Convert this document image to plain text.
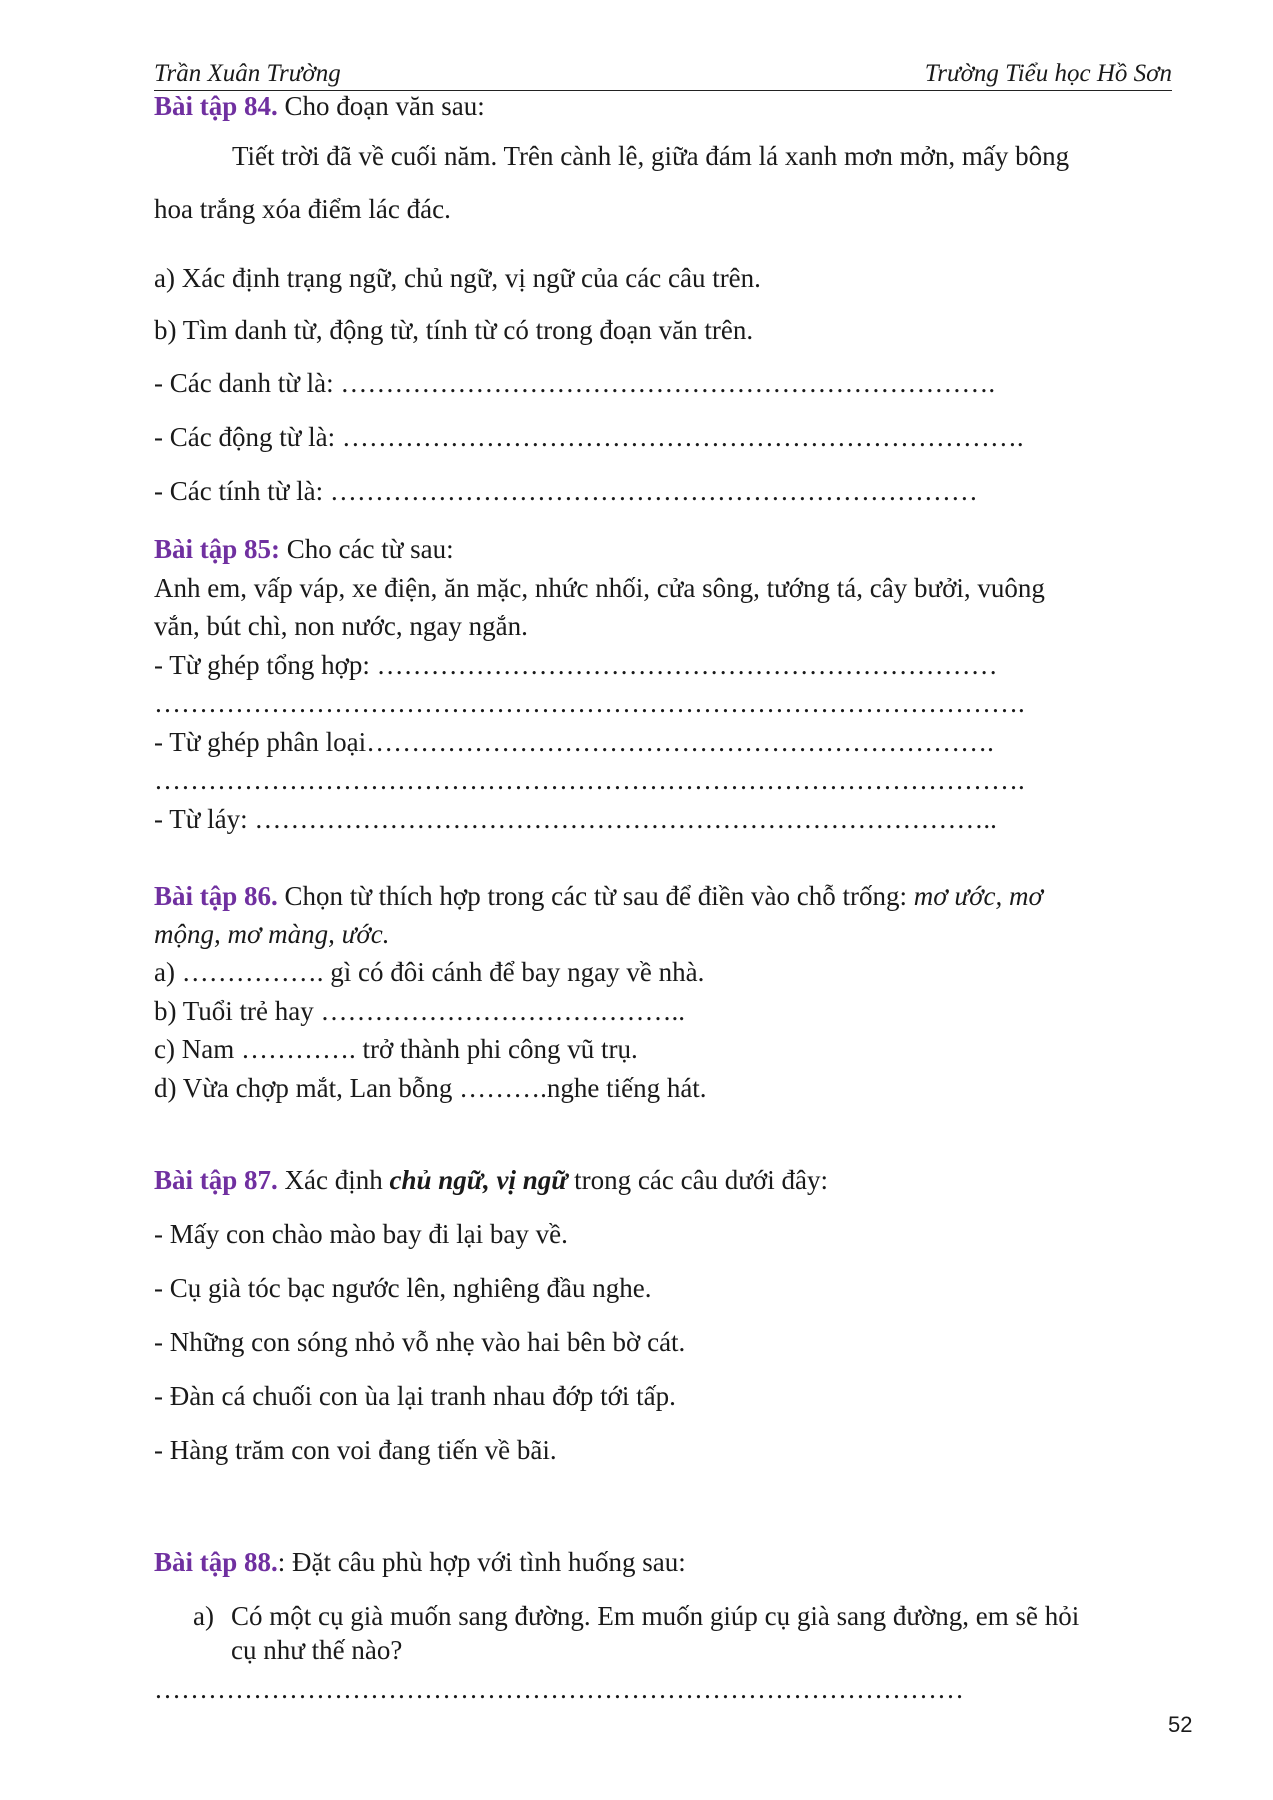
Trần Xuân Trường	Trường Tiểu học Hồ Sơn
Bài tập 84. Cho đoạn văn sau:
Tiết trời đã về cuối năm. Trên cành lê, giữa đám lá xanh mơn mởn, mấy bông
hoa trắng xóa điểm lác đác.
a) Xác định trạng ngữ, chủ ngữ, vị ngữ của các câu trên.
b) Tìm danh từ, động từ, tính từ có trong đoạn văn trên.
- Các danh từ là: ……………………………………………………………….
- Các động từ là: ………………………………………………………………….
- Các tính từ là: ………………………………………………………………
Bài tập 85: Cho các từ sau:
Anh em, vấp váp, xe điện, ăn mặc, nhức nhối, cửa sông, tướng tá, cây bưởi, vuông
vắn, bút chì, non nước, ngay ngắn.
- Từ ghép tổng hợp: ……………………………………………………………
…………………………………………………………………………………….
- Từ ghép phân loại…………………………………………………………….
…………………………………………………………………………………….
- Từ láy: ………………………………………………………………………..
Bài tập 86. Chọn từ thích hợp trong các từ sau để điền vào chỗ trống: mơ ước, mơ
mộng, mơ màng, ước.
a) ……………. gì có đôi cánh để bay ngay về nhà.
b) Tuổi trẻ hay …………………………………..
c) Nam …………. trở thành phi công vũ trụ.
d) Vừa chợp mắt, Lan bỗng ……….nghe tiếng hát.
Bài tập 87. Xác định chủ ngữ, vị ngữ trong các câu dưới đây:
- Mấy con chào mào bay đi lại bay về.
- Cụ già tóc bạc ngước lên, nghiêng đầu nghe.
- Những con sóng nhỏ vỗ nhẹ vào hai bên bờ cát.
- Đàn cá chuối con ùa lại tranh nhau đớp tới tấp.
- Hàng trăm con voi đang tiến về bãi.
Bài tập 88.: Đặt câu phù hợp với tình huống sau:
a) Có một cụ già muốn sang đường. Em muốn giúp cụ già sang đường, em sẽ hỏi
cụ như thế nào?
………………………………………………………………………………
52
